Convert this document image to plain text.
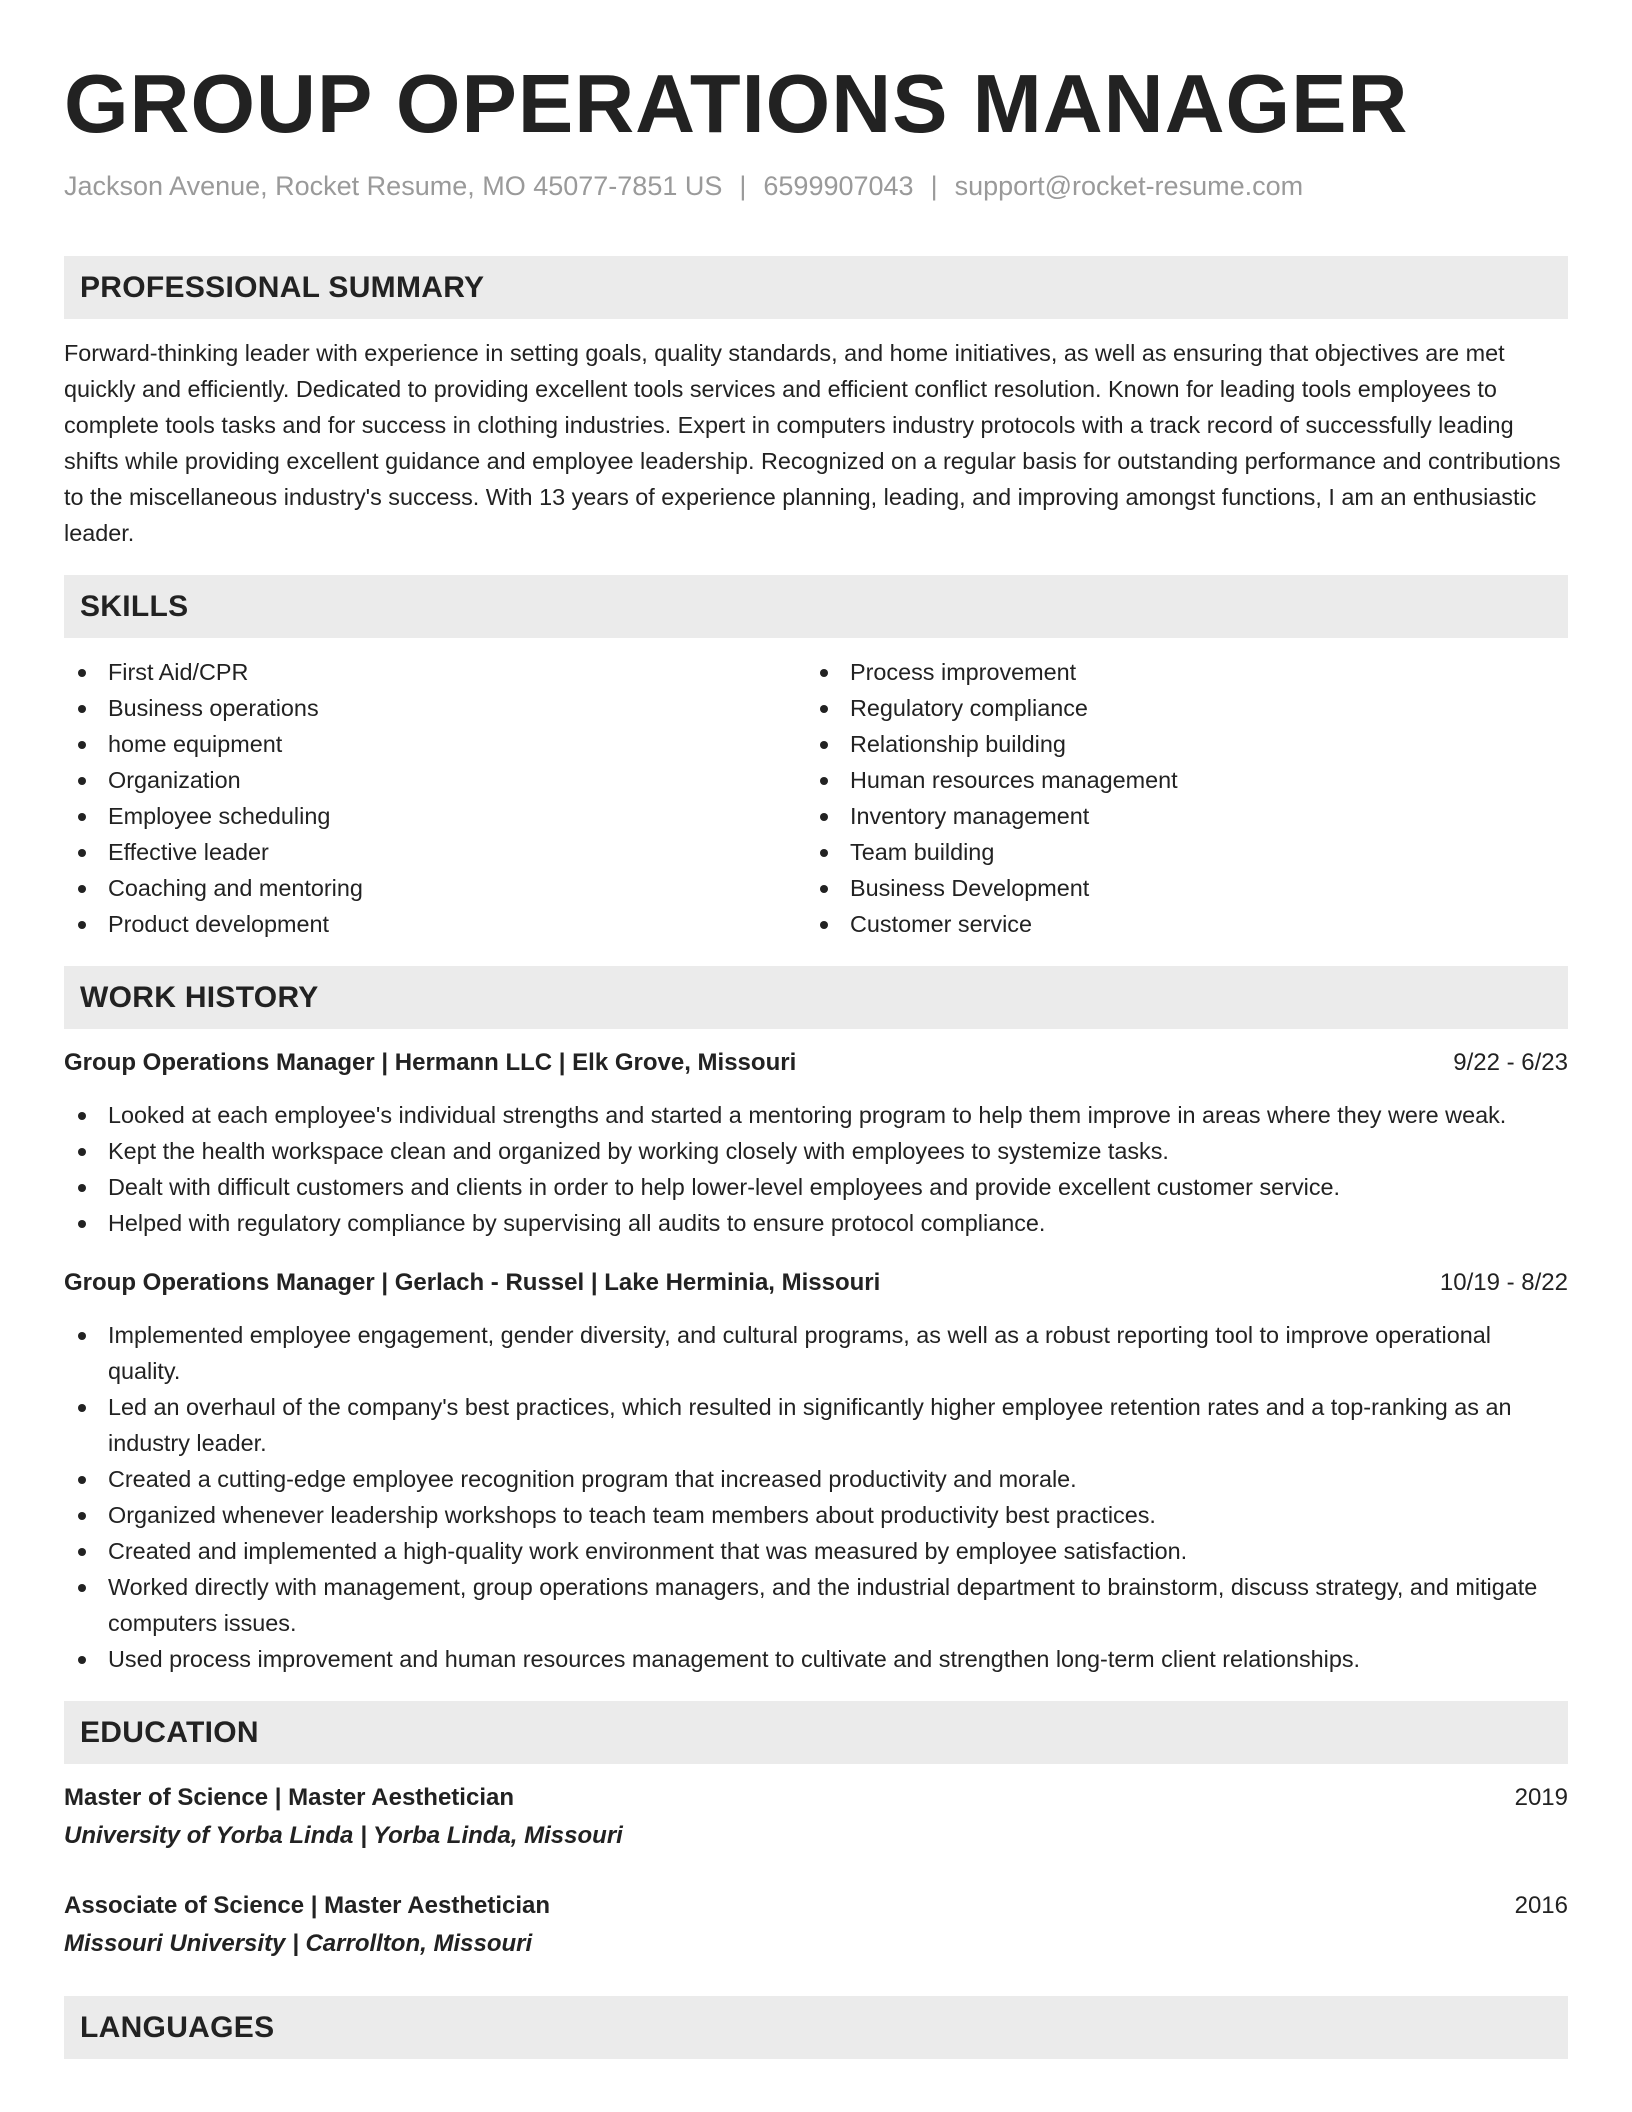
GROUP OPERATIONS MANAGER
Jackson Avenue, Rocket Resume, MO 45077-7851 US | 6599907043 | support@rocket-resume.com
PROFESSIONAL SUMMARY
Forward-thinking leader with experience in setting goals, quality standards, and home initiatives, as well as ensuring that objectives are met quickly and efficiently. Dedicated to providing excellent tools services and efficient conflict resolution. Known for leading tools employees to complete tools tasks and for success in clothing industries. Expert in computers industry protocols with a track record of successfully leading shifts while providing excellent guidance and employee leadership. Recognized on a regular basis for outstanding performance and contributions to the miscellaneous industry's success. With 13 years of experience planning, leading, and improving amongst functions, I am an enthusiastic leader.
SKILLS
First Aid/CPR
Business operations
home equipment
Organization
Employee scheduling
Effective leader
Coaching and mentoring
Product development
Process improvement
Regulatory compliance
Relationship building
Human resources management
Inventory management
Team building
Business Development
Customer service
WORK HISTORY
Group Operations Manager | Hermann LLC | Elk Grove, Missouri	9/22 - 6/23
Looked at each employee's individual strengths and started a mentoring program to help them improve in areas where they were weak.
Kept the health workspace clean and organized by working closely with employees to systemize tasks.
Dealt with difficult customers and clients in order to help lower-level employees and provide excellent customer service.
Helped with regulatory compliance by supervising all audits to ensure protocol compliance.
Group Operations Manager | Gerlach - Russel | Lake Herminia, Missouri	10/19 - 8/22
Implemented employee engagement, gender diversity, and cultural programs, as well as a robust reporting tool to improve operational quality.
Led an overhaul of the company's best practices, which resulted in significantly higher employee retention rates and a top-ranking as an industry leader.
Created a cutting-edge employee recognition program that increased productivity and morale.
Organized whenever leadership workshops to teach team members about productivity best practices.
Created and implemented a high-quality work environment that was measured by employee satisfaction.
Worked directly with management, group operations managers, and the industrial department to brainstorm, discuss strategy, and mitigate computers issues.
Used process improvement and human resources management to cultivate and strengthen long-term client relationships.
EDUCATION
Master of Science | Master Aesthetician	2019
University of Yorba Linda | Yorba Linda, Missouri
Associate of Science | Master Aesthetician	2016
Missouri University | Carrollton, Missouri
LANGUAGES
